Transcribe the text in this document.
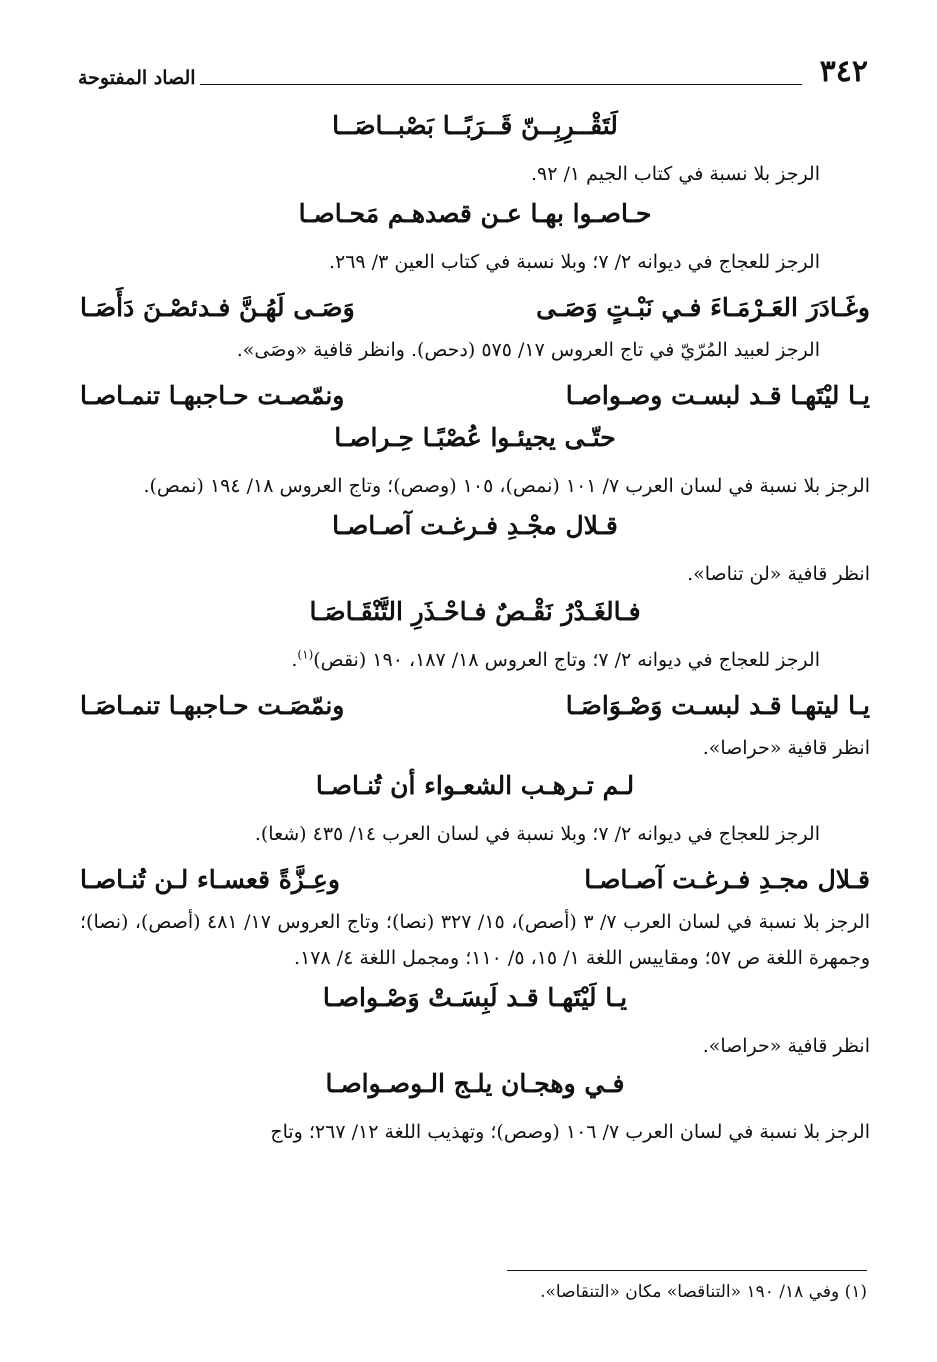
٣٤٢
الصاد المفتوحة

لَتَقْــرِبِــنّ قَــرَبًــا بَصْبــاصَــا

الرجز بلا نسبة في كتاب الجيم ١/ ٩٢.

حـاصـوا بهـا عـن قصدهـم مَحـاصـا

الرجز للعجاج في ديوانه ٢/ ٧؛ وبلا نسبة في كتاب العين ٣/ ٢٦٩.

وغَـادَرَ العَـرْمَـاءَ فـي نَبْـتٍ وَصَـى
وَصَـى لَهُـنَّ فـدئصْـنَ دَأَصَـا

الرجز لعبيد المُرّيّ في تاج العروس ١٧/ ٥٧٥ (دحص). وانظر قافية «وصَى».

يـا ليْتَهـا قـد لبسـت وصـواصـا
ونمّصـت حـاجبهـا تنمـاصـا

حتّـى يجيئـوا عُصْبًـا حِـراصـا

الرجز بلا نسبة في لسان العرب ٧/ ١٠١ (نمص)، ١٠٥ (وصص)؛ وتاج العروس ١٨/ ١٩٤ (نمص).

قـلال مجْـدِ فـرغـت آصـاصـا

انظر قافية «لن تناصا».

فـالغَـدْرُ نَقْـصٌ فـاحْـذَرِ التَّنْقَـاصَـا

الرجز للعجاج في ديوانه ٢/ ٧؛ وتاج العروس ١٨/ ١٨٧، ١٩٠ (نقص)$^{(١)}$.

يـا ليتهـا قـد لبسـت وَصْـوَاصَـا
ونمّصَـت حـاجبهـا تنمـاصَـا

انظر قافية «حراصا».

لـم تـرهـب الشعـواء أن تُنـاصـا

الرجز للعجاج في ديوانه ٢/ ٧؛ وبلا نسبة في لسان العرب ١٤/ ٤٣٥ (شعا).

قـلال مجـدِ فـرغـت آصـاصـا
وعِـزَّةً قعسـاء لـن تُنـاصـا

الرجز بلا نسبة في لسان العرب ٧/ ٣ (أصص)، ١٥/ ٣٢٧ (نصا)؛ وتاج العروس ١٧/ ٤٨١ (أصص)، (نصا)؛ وجمهرة اللغة ص ٥٧؛ ومقاييس اللغة ١/ ١٥، ٥/ ١١٠؛ ومجمل اللغة ٤/ ١٧٨.

يـا لَيْتَهـا قـد لَبِسَـتْ وَصْـواصـا

انظر قافية «حراصا».

فـي وهجـان يلـج الـوصـواصـا

الرجز بلا نسبة في لسان العرب ٧/ ١٠٦ (وصص)؛ وتهذيب اللغة ١٢/ ٢٦٧؛ وتاج

(١) وفي ١٨/ ١٩٠ «التناقصا» مكان «التنقاصا».
